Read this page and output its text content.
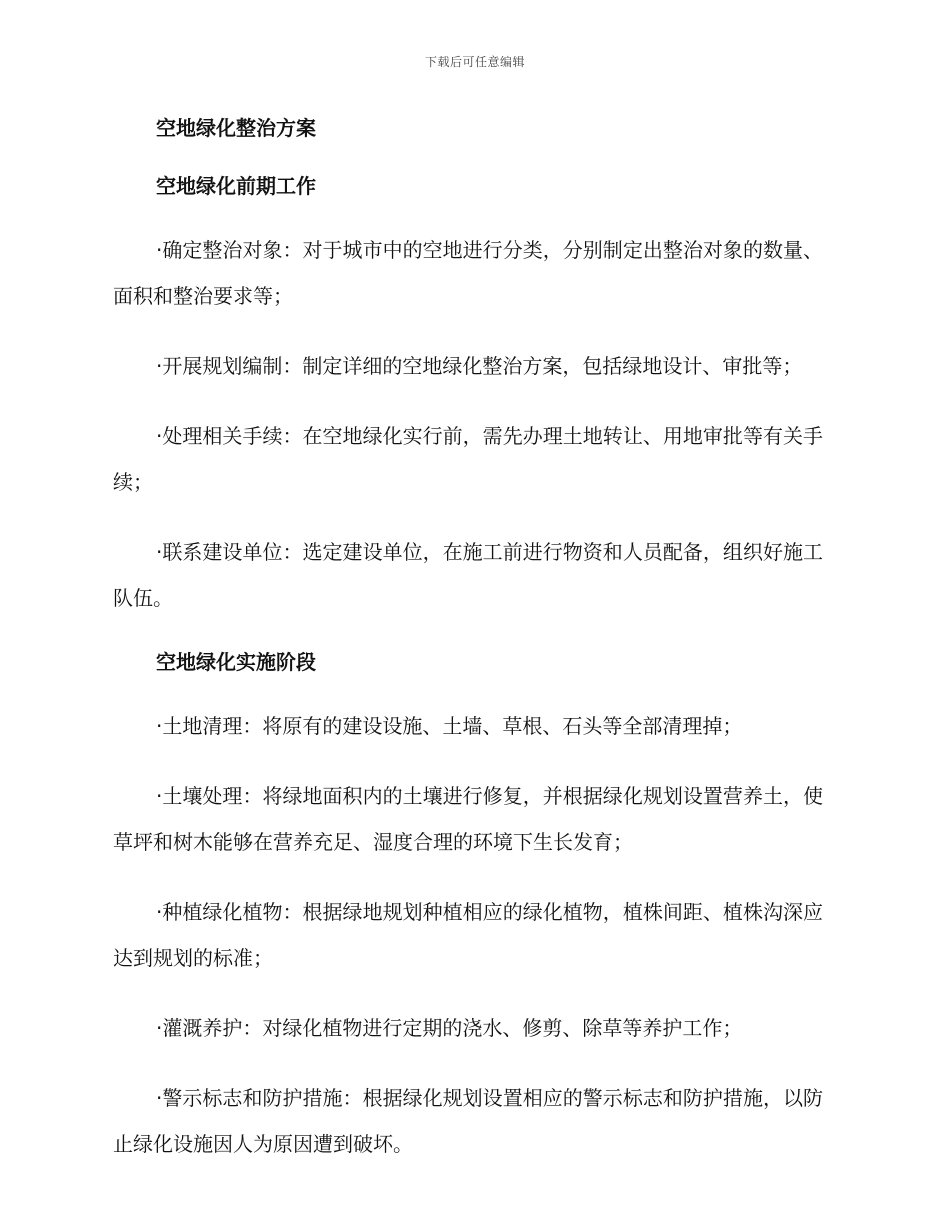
下载后可任意编辑
空地绿化整治方案
空地绿化前期工作

·确定整治对象：对于城市中的空地进行分类，分别制定出整治对象的数量、面积和整治要求等；

·开展规划编制：制定详细的空地绿化整治方案，包括绿地设计、审批等；

·处理相关手续：在空地绿化实行前，需先办理土地转让、用地审批等有关手续；

·联系建设单位：选定建设单位，在施工前进行物资和人员配备，组织好施工队伍。

空地绿化实施阶段

·土地清理：将原有的建设设施、土墙、草根、石头等全部清理掉；

·土壤处理：将绿地面积内的土壤进行修复，并根据绿化规划设置营养土，使草坪和树木能够在营养充足、湿度合理的环境下生长发育；

·种植绿化植物：根据绿地规划种植相应的绿化植物，植株间距、植株沟深应达到规划的标准；

·灌溉养护：对绿化植物进行定期的浇水、修剪、除草等养护工作；

·警示标志和防护措施：根据绿化规划设置相应的警示标志和防护措施，以防止绿化设施因人为原因遭到破坏。
